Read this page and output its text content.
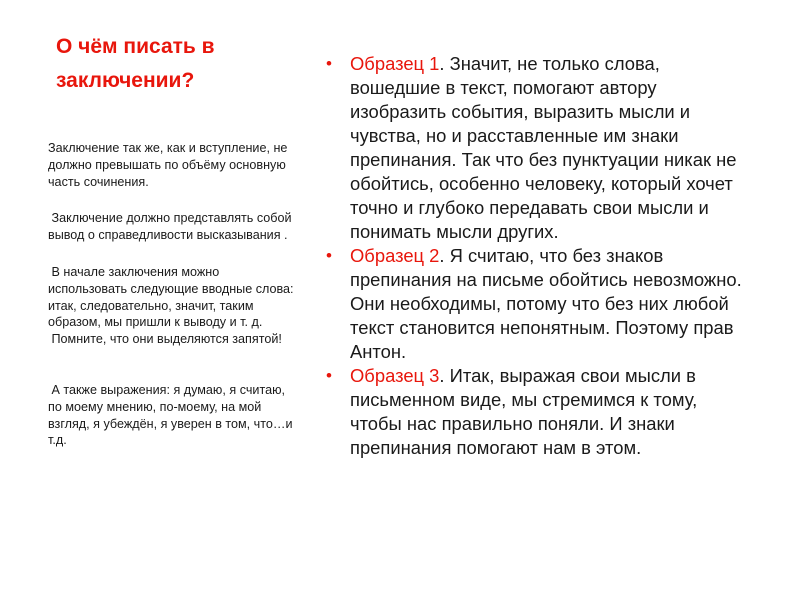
О чём писать в заключении?

Заключение так же, как и вступление, не должно превышать по объёму основную часть сочинения.

Заключение должно представлять собой вывод о справедливости высказывания .

В начале заключения можно использовать следующие вводные слова: итак, следовательно, значит, таким образом, мы пришли к выводу и т. д.

Помните, что они выделяются запятой!

А также выражения: я думаю, я считаю, по моему мнению, по-моему, на мой взгляд, я убеждён, я уверен в том, что…и т.д.

• Образец 1. Значит, не только слова, вошедшие в текст, помогают автору изобразить события, выразить мысли и чувства, но и расставленные им знаки препинания. Так что без пунктуации никак не обойтись, особенно человеку, который хочет точно и глубоко передавать свои мысли и понимать мысли других.

• Образец 2. Я считаю, что без знаков препинания на письме обойтись невозможно. Они необходимы, потому что без них любой текст становится непонятным. Поэтому прав Антон.

• Образец 3. Итак, выражая свои мысли в письменном виде, мы стремимся к тому, чтобы нас правильно поняли. И знаки препинания помогают нам в этом.
